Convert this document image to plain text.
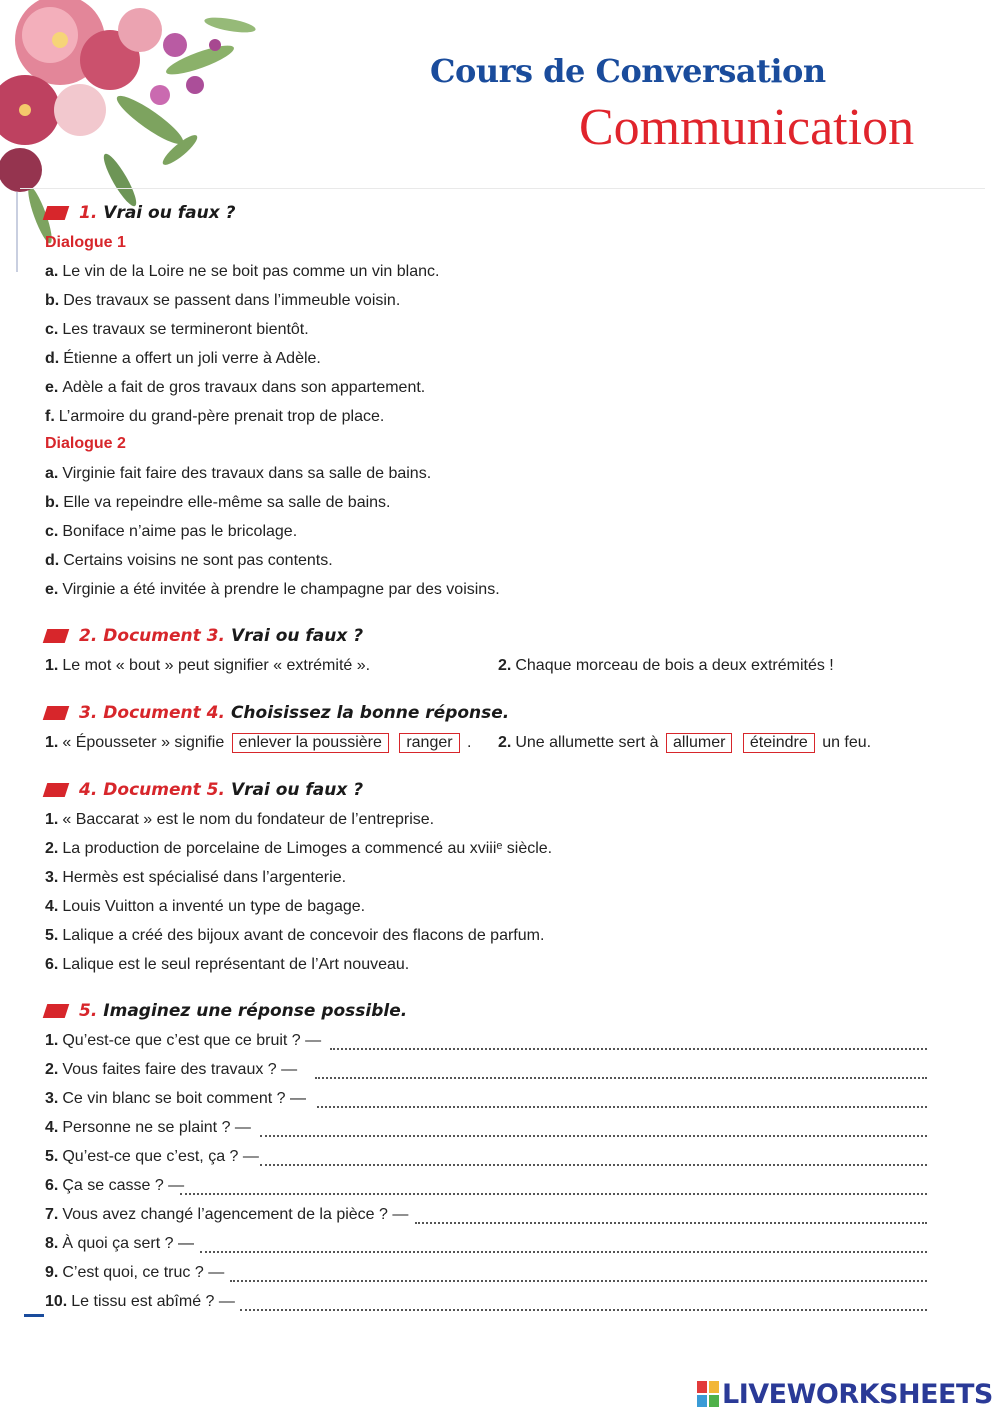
Cours de Conversation
Communication
1. Vrai ou faux ?
Dialogue 1
a. Le vin de la Loire ne se boit pas comme un vin blanc.
b. Des travaux se passent dans l’immeuble voisin.
c. Les travaux se termineront bientôt.
d. Étienne a offert un joli verre à Adèle.
e. Adèle a fait de gros travaux dans son appartement.
f. L’armoire du grand-père prenait trop de place.
Dialogue 2
a. Virginie fait faire des travaux dans sa salle de bains.
b. Elle va repeindre elle-même sa salle de bains.
c. Boniface n’aime pas le bricolage.
d. Certains voisins ne sont pas contents.
e. Virginie a été invitée à prendre le champagne par des voisins.
2. Document 3. Vrai ou faux ?
1. Le mot « bout » peut signifier « extrémité ».	2. Chaque morceau de bois a deux extrémités !
3. Document 4. Choisissez la bonne réponse.
1. « Épousseter » signifie enlever la poussière ranger . 2. Une allumette sert à allumer éteindre un feu.
4. Document 5. Vrai ou faux ?
1. « Baccarat » est le nom du fondateur de l’entreprise.
2. La production de porcelaine de Limoges a commencé au xviiiᵉ siècle.
3. Hermès est spécialisé dans l’argenterie.
4. Louis Vuitton a inventé un type de bagage.
5. Lalique a créé des bijoux avant de concevoir des flacons de parfum.
6. Lalique est le seul représentant de l’Art nouveau.
5. Imaginez une réponse possible.
1. Qu’est-ce que c’est que ce bruit ? —
2. Vous faites faire des travaux ? —
3. Ce vin blanc se boit comment ? —
4. Personne ne se plaint ? —
5. Qu’est-ce que c’est, ça ? —
6. Ça se casse ? —
7. Vous avez changé l’agencement de la pièce ? —
8. À quoi ça sert ? —
9. C’est quoi, ce truc ? —
10. Le tissu est abîmé ? —
LIVEWORKSHEETS
